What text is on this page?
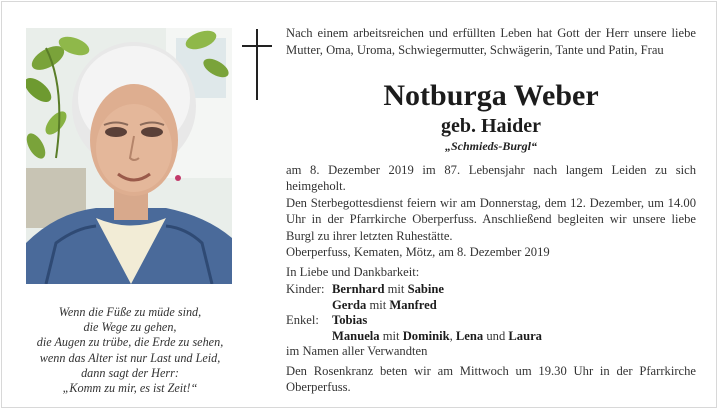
Nach einem arbeitsreichen und erfüllten Leben hat Gott der Herr unsere liebe Mutter, Oma, Uroma, Schwiegermutter, Schwägerin, Tante und Patin, Frau
Notburga Weber
geb. Haider
„Schmieds-Burgl“

am 8. Dezember 2019 im 87. Lebensjahr nach langem Leiden zu sich heimgeholt.

Den Sterbegottesdienst feiern wir am Donnerstag, dem 12. Dezember, um 14.00 Uhr in der Pfarrkirche Oberperfuss. Anschließend begleiten wir unsere liebe Burgl zu ihrer letzten Ruhestätte.

Oberperfuss, Kematen, Mötz, am 8. Dezember 2019
In Liebe und Dankbarkeit:
Kinder: Bernhard mit Sabine
Gerda mit Manfred
Enkel:	Tobias
Manuela mit Dominik, Lena und Laura
im Namen aller Verwandten
Den Rosenkranz beten wir am Mittwoch um 19.30 Uhr in der Pfarrkirche Oberperfuss.
Wenn die Füße zu müde sind,
die Wege zu gehen,
die Augen zu trübe, die Erde zu sehen,
wenn das Alter ist nur Last und Leid,
dann sagt der Herr:
„Komm zu mir, es ist Zeit!“
